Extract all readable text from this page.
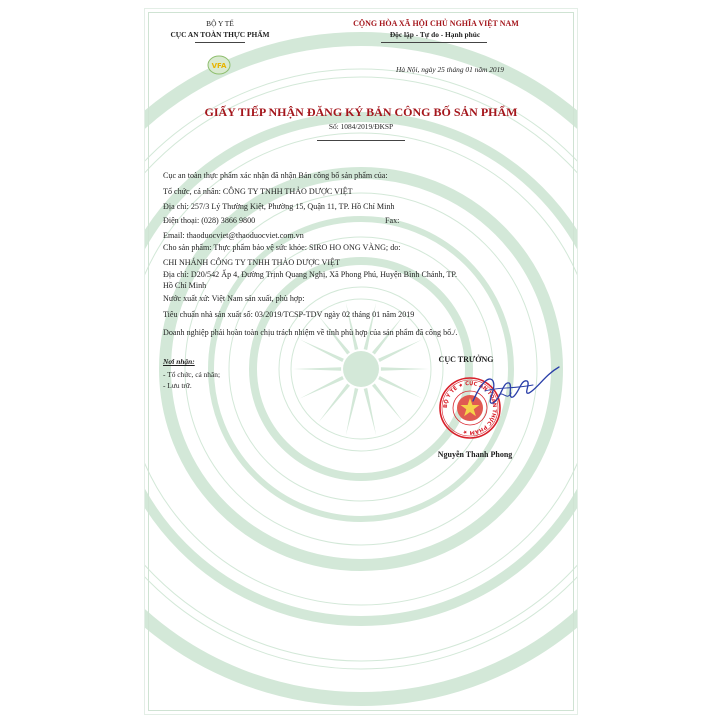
BỘ Y TẾ
CỤC AN TOÀN THỰC PHẨM
VFA
CỘNG HÒA XÃ HỘI CHỦ NGHĨA VIỆT NAM
Độc lập - Tự do - Hạnh phúc
Hà Nội, ngày 25 tháng 01 năm 2019
GIẤY TIẾP NHẬN ĐĂNG KÝ BẢN CÔNG BỐ SẢN PHẨM
Số: 1084/2019/ĐKSP
Cục an toàn thực phẩm xác nhận đã nhận Bản công bố sản phẩm của:
Tổ chức, cá nhân: CÔNG TY TNHH THẢO DƯỢC VIỆT
Địa chỉ: 257/3 Lý Thường Kiệt, Phường 15, Quận 11, TP. Hồ Chí Minh
Điện thoại: (028) 3866 9800	Fax:
Email: thaoduocviet@thaoduocviet.com.vn
Cho sản phẩm: Thực phẩm bảo vệ sức khỏe: SIRO HO ONG VÀNG; do:
CHI NHÁNH CÔNG TY TNHH THẢO DƯỢC VIỆT
Địa chỉ: D20/542 Ấp 4, Đường Trịnh Quang Nghị, Xã Phong Phú, Huyện Bình Chánh, TP.
Hồ Chí Minh
Nước xuất xứ: Việt Nam sản xuất, phù hợp:
Tiêu chuẩn nhà sản xuất số: 03/2019/TCSP-TDV ngày 02 tháng 01 năm 2019
Doanh nghiệp phải hoàn toàn chịu trách nhiệm về tính phù hợp của sản phẩm đã công bố./.
Nơi nhận:
- Tổ chức, cá nhân;
- Lưu trữ.
CỤC TRƯỞNG
BỘ Y TẾ ★ CỤC AN TOÀN THỰC PHẨM ★
Nguyễn Thanh Phong
